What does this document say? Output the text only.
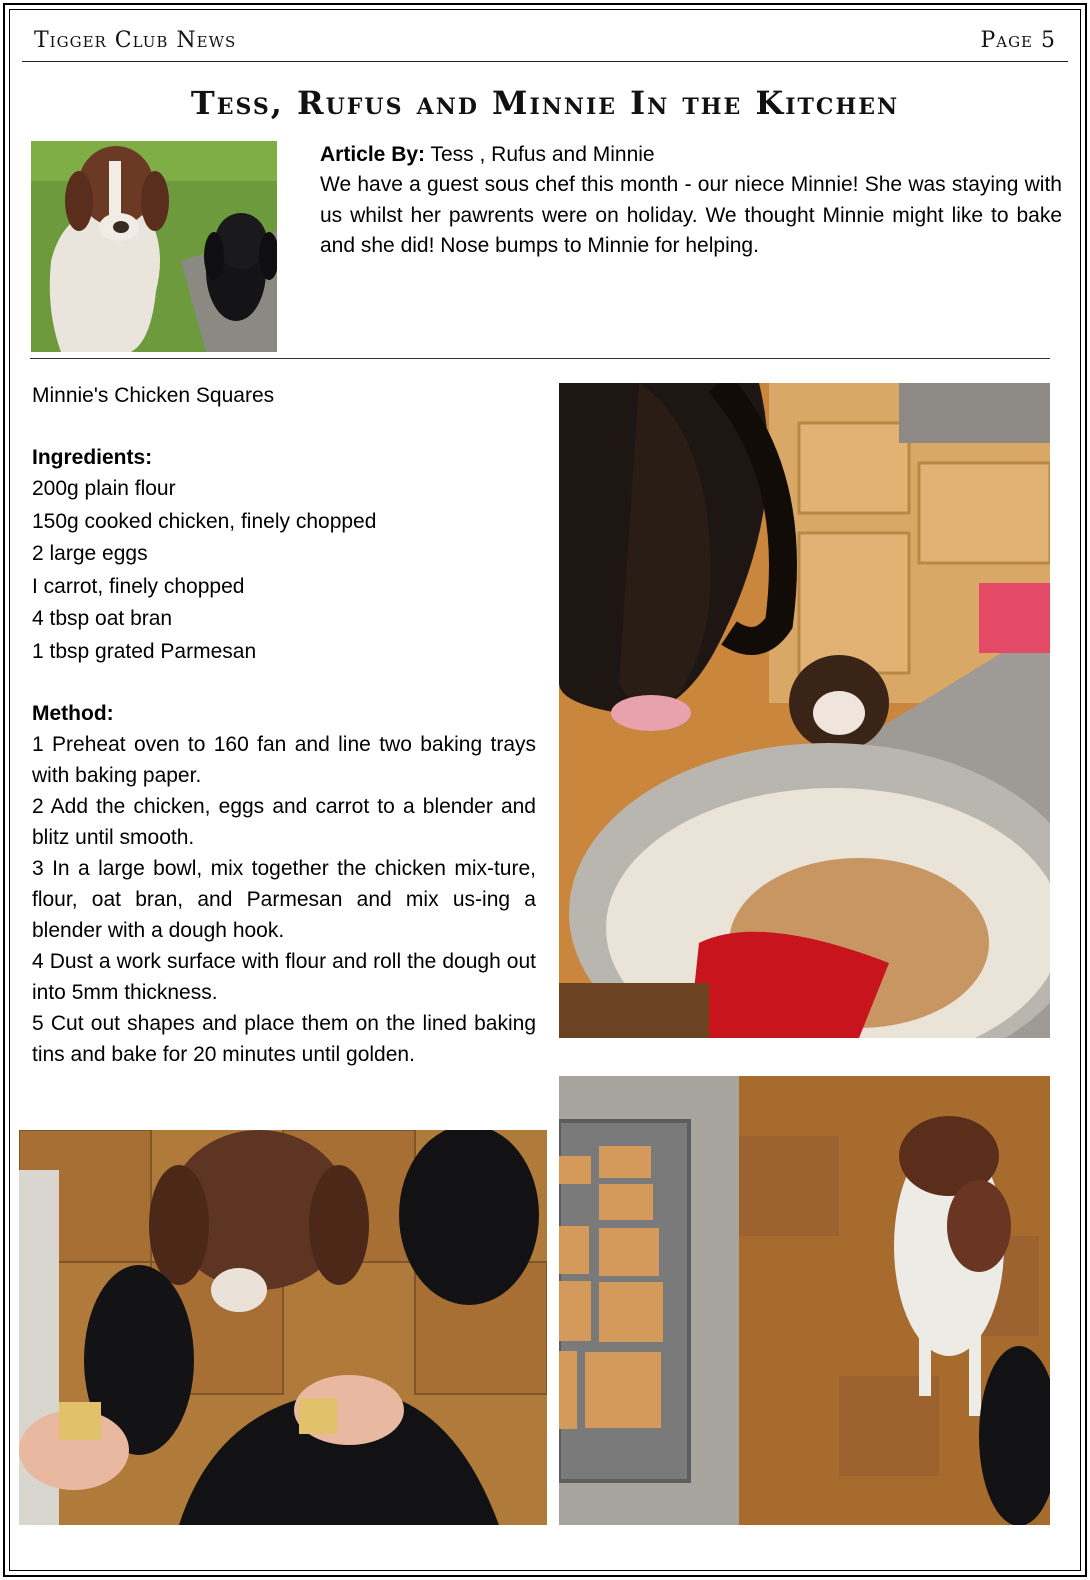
Tigger Club News	Page 5
Tess, Rufus and Minnie In the Kitchen

Article By: Tess , Rufus and Minnie

We have a guest sous chef this month - our niece Minnie! She was staying with us whilst her pawrents were on holiday. We thought Minnie might like to bake and she did! Nose bumps to Minnie for helping.

Minnie's Chicken Squares

Ingredients:

200g plain flour

150g cooked chicken, finely chopped

2 large eggs

I carrot, finely chopped

4 tbsp oat bran

1 tbsp grated Parmesan

Method:

1 Preheat oven to 160 fan and line two baking trays with baking paper.

2 Add the chicken, eggs and carrot to a blender and blitz until smooth.

3 In a large bowl, mix together the chicken mix-ture, flour, oat bran, and Parmesan and mix us-ing a blender with a dough hook.

4 Dust a work surface with flour and roll the dough out into 5mm thickness.

5 Cut out shapes and place them on the lined baking tins and bake for 20 minutes until golden.
